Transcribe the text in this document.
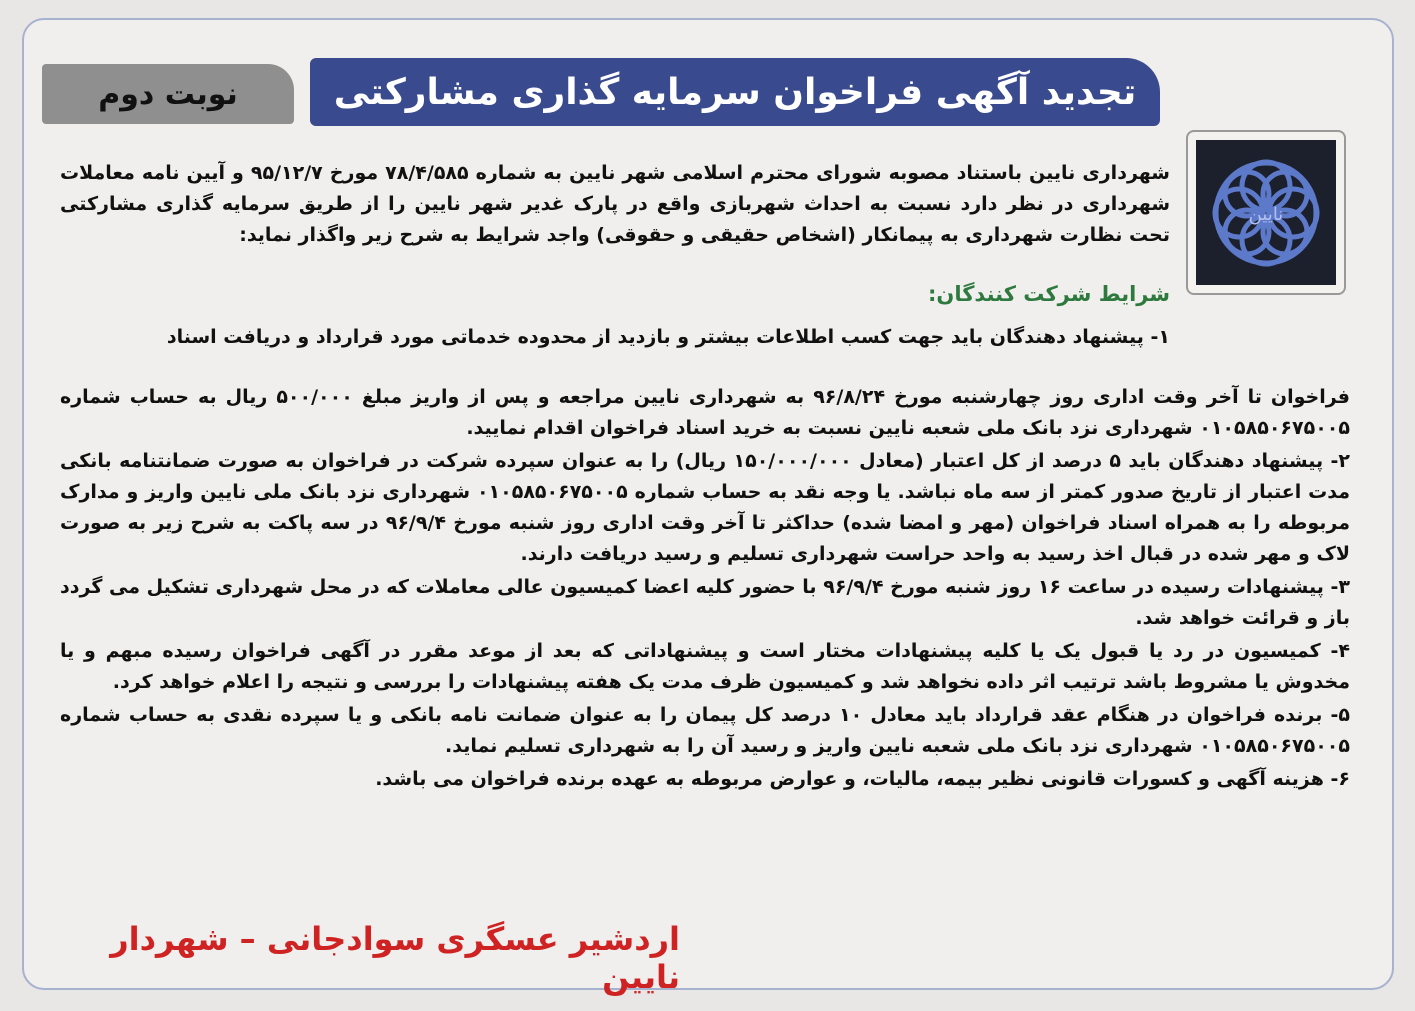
تجدید آگهی فراخوان سرمایه گذاری مشارکتی
نوبت دوم
نایین
شهرداری نایین باستناد مصوبه شورای محترم اسلامی شهر نایین به شماره ۷۸/۴/۵۸۵ مورخ ۹۵/۱۲/۷ و آیین نامه معاملات شهرداری در نظر دارد نسبت به احداث شهربازی واقع در پارک غدیر شهر نایین را از طریق سرمایه گذاری مشارکتی تحت نظارت شهرداری به پیمانکار (اشخاص حقیقی و حقوقی) واجد شرایط به شرح زیر واگذار نماید:
شرایط شرکت کنندگان:
۱- پیشنهاد دهندگان باید جهت کسب اطلاعات بیشتر و بازدید از محدوده خدماتی مورد قرارداد و دریافت اسناد

فراخوان تا آخر وقت اداری روز چهارشنبه مورخ ۹۶/۸/۲۴ به شهرداری نایین مراجعه و پس از واریز مبلغ ۵۰۰/۰۰۰ ریال به حساب شماره ۰۱۰۵۸۵۰۶۷۵۰۰۵ شهرداری نزد بانک ملی شعبه نایین نسبت به خرید اسناد فراخوان اقدام نمایید.

۲- پیشنهاد دهندگان باید ۵ درصد از کل اعتبار (معادل ۱۵۰/۰۰۰/۰۰۰ ریال) را به عنوان سپرده شرکت در فراخوان به صورت ضمانتنامه بانکی مدت اعتبار از تاریخ صدور کمتر از سه ماه نباشد. یا وجه نقد به حساب شماره ۰۱۰۵۸۵۰۶۷۵۰۰۵ شهرداری نزد بانک ملی نایین واریز و مدارک مربوطه را به همراه اسناد فراخوان (مهر و امضا شده) حداکثر تا آخر وقت اداری روز شنبه مورخ ۹۶/۹/۴ در سه پاکت به شرح زیر به صورت لاک و مهر شده در قبال اخذ رسید به واحد حراست شهرداری تسلیم و رسید دریافت دارند.

۳- پیشنهادات رسیده در ساعت ۱۶ روز شنبه مورخ ۹۶/۹/۴ با حضور کلیه اعضا کمیسیون عالی معاملات که در محل شهرداری تشکیل می گردد باز و قرائت خواهد شد.

۴- کمیسیون در رد یا قبول یک یا کلیه پیشنهادات مختار است و پیشنهاداتی که بعد از موعد مقرر در آگهی فراخوان رسیده مبهم و یا مخدوش یا مشروط باشد ترتیب اثر داده نخواهد شد و کمیسیون ظرف مدت یک هفته پیشنهادات را بررسی و نتیجه را اعلام خواهد کرد.

۵- برنده فراخوان در هنگام عقد قرارداد باید معادل ۱۰ درصد کل پیمان را به عنوان ضمانت نامه بانکی و یا سپرده نقدی به حساب شماره ۰۱۰۵۸۵۰۶۷۵۰۰۵ شهرداری نزد بانک ملی شعبه نایین واریز و رسید آن را به شهرداری تسلیم نماید.

۶- هزینه آگهی و کسورات قانونی نظیر بیمه، مالیات، و عوارض مربوطه به عهده برنده فراخوان می باشد.

اردشیر عسگری سوادجانی – شهردار نایین
